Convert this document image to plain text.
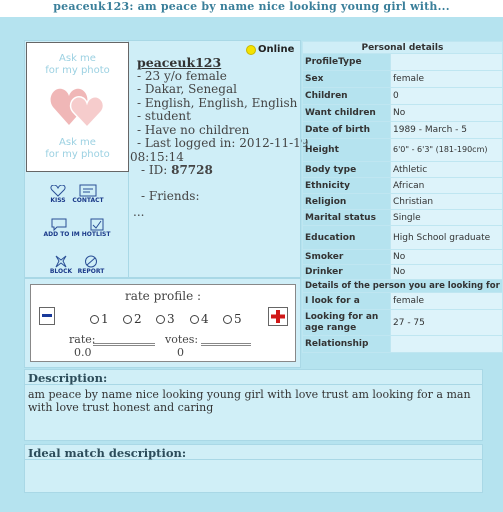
peaceuk123: am peace by name nice looking young girl with...
Ask me
for my photo
Ask me
for my photo
Online
peaceuk123
- 23 y/o female
- Dakar, Senegal
- English, English, English
- student
- Have no children
- Last logged in: 2012-11-19
08:15:14
- ID: 87728
- Friends:
...
KISS CONTACT
ADD TO IM HOTLIST
BLOCK REPORT
Personal details	
ProfileType	
Sex	female
Children	0
Want children	No
Date of birth	1989 - March - 5
Height	6'0" - 6'3" (181-190cm)
Body type	Athletic
Ethnicity	African
Religion	Christian
Marital status	Single
Education	High School graduate
Smoker	No
Drinker	No
Details of the person you are looking for	
I look for a	female
Looking for an age range	27 - 75
Relationship	
rate profile :
1 2 3 4 5
rate:
0.0
votes:
0
Description:

am peace by name nice looking young girl with love trust am looking for a man with love trust honest and caring

Ideal match description:
